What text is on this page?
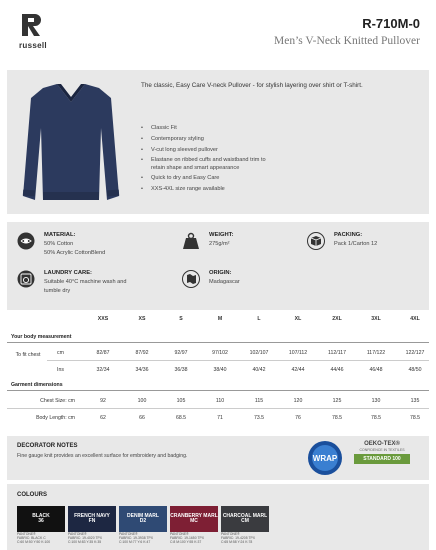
russell
R-710M-0
Men’s V-Neck Knitted Pullover
The classic, Easy Care V-neck Pullover - for stylish layering over shirt or T-shirt.
• Classic Fit
• Contemporary styling
• V-cut long sleeved pullover
• Elastane on ribbed cuffs and waistband trim to retain shape and smart appearance
• Quick to dry and Easy Care
• XXS-4XL size range available
MATERIAL:
50% Cotton
50% Acrylic CottonBlend
WEIGHT:
275g/m²
PACKING:
Pack 1/Carton 12
LAUNDRY CARE:
Suitable 40°C machine wash and
tumble dry
ORIGIN:
Madagascar
XXS	XS	S	M	L	XL	2XL	3XL	4XL
Your body measurement
To fit chest	cm	82/87	87/92	92/97	97/102	102/107	107/112	112/117	117/122	122/127
Ins	32/34	34/36	36/38	38/40	40/42	42/44	44/46	46/48	48/50
Garment dimensions
Chest Size: cm	92	100	105	110	115	120	125	130	135
Body Length: cm	62	66	68.5	71	73.5	76	78.5	78.5	78.5
DECORATOR NOTES
Fine gauge knit provides an excellent surface for embroidery and badging.	WRAP
OEKO-TEX®
CONFIDENCE IN TEXTILES
STANDARD 100
COLOURS
BLACK
36
PANTONE®
FABRIC: BLACK C
C:60 M:50 Y:50 K:100
FRENCH NAVY
FN
PANTONE®
FABRIC: 19-4020 TPX
C:100 M:83 Y:35 K:35
DENIM MARL
D2
PANTONE®
FABRIC: 19-3938 TPX
C:100 M:77 Y:6 K:47
CRANBERRY MARL
MC
PANTONE®
FABRIC: 19-1650 TPX
C:8 M:100 Y:55 K:37
CHARCOAL MARL
CM
PANTONE®
FABRIC: 19-4205 TPX
C:65 M:58 Y:24 K:78
